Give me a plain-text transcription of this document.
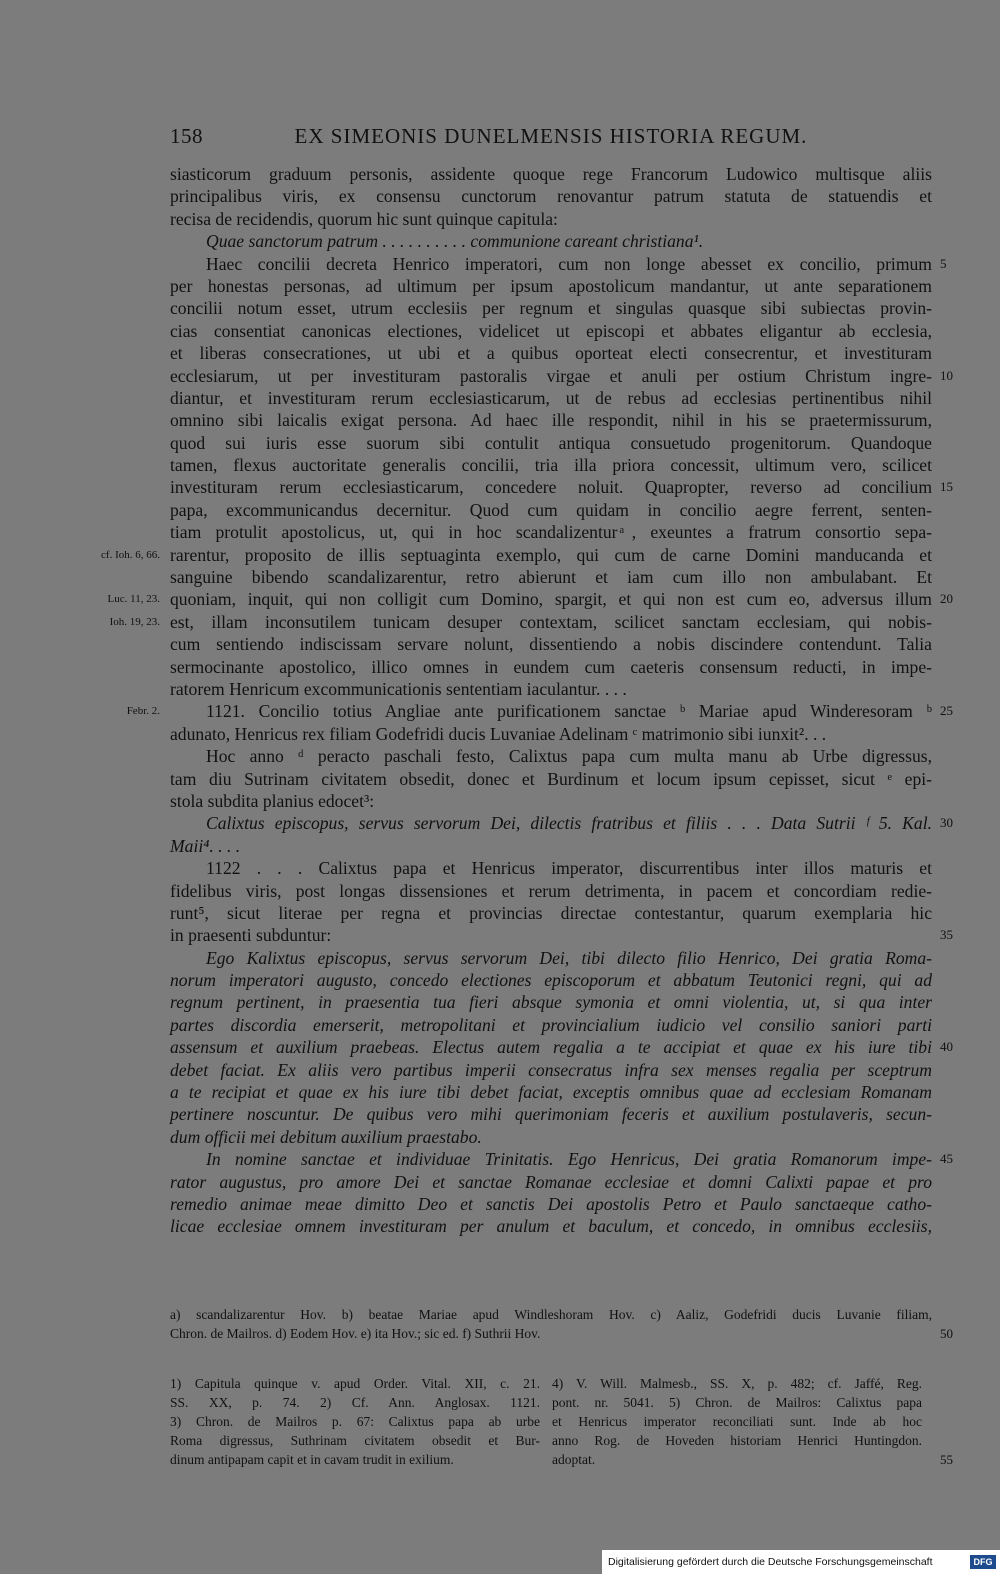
158	EX SIMEONIS DUNELMENSIS HISTORIA REGUM.
siasticorum graduum personis, assidente quoque rege Francorum Ludowico multisque aliis
principalibus viris, ex consensu cunctorum renovantur patrum statuta de statuendis et
recisa de recidendis, quorum hic sunt quinque capitula:
Quae sanctorum patrum . . . . . . . . . . communione careant christiana¹.
Haec concilii decreta Henrico imperatori, cum non longe abesset ex concilio, primum 5
per honestas personas, ad ultimum per ipsum apostolicum mandantur, ut ante separationem
concilii notum esset, utrum ecclesiis per regnum et singulas quasque sibi subiectas provin-
cias consentiat canonicas electiones, videlicet ut episcopi et abbates eligantur ab ecclesia,
et liberas consecrationes, ut ubi et a quibus oporteat electi consecrentur, et investituram
ecclesiarum, ut per investituram pastoralis virgae et anuli per ostium Christum ingre- 10
diantur, et investituram rerum ecclesiasticarum, ut de rebus ad ecclesias pertinentibus nihil
omnino sibi laicalis exigat persona. Ad haec ille respondit, nihil in his se praetermissurum,
quod sui iuris esse suorum sibi contulit antiqua consuetudo progenitorum. Quandoque
tamen, flexus auctoritate generalis concilii, tria illa priora concessit, ultimum vero, scilicet
investituram rerum ecclesiasticarum, concedere noluit. Quapropter, reverso ad concilium 15
papa, excommunicandus decernitur. Quod cum quidam in concilio aegre ferrent, senten-
tiam protulit apostolicus, ut, qui in hoc scandalizentur ͣ, exeuntes a fratrum consortio sepa-
rarentur, proposito de illis septuaginta exemplo, qui cum de carne Domini manducanda et
cf. Ioh. 6, 66.
sanguine bibendo scandalizarentur, retro abierunt et iam cum illo non ambulabant. Et
quoniam, inquit, qui non colligit cum Domino, spargit, et qui non est cum eo, adversus illum 20
Luc. 11, 23.
est, illam inconsutilem tunicam desuper contextam, scilicet sanctam ecclesiam, qui nobis-
Ioh. 19, 23.
cum sentiendo indiscissam servare nolunt, dissentiendo a nobis discindere contendunt. Talia
sermocinante apostolico, illico omnes in eundem cum caeteris consensum reducti, in impe-
ratorem Henricum excommunicationis sententiam iaculantur. . . .
1121. Concilio totius Angliae ante purificationem sanctae ᵇ Mariae apud Winderesoram ᵇ 25
Febr. 2.
adunato, Henricus rex filiam Godefridi ducis Luvaniae Adelinam ᶜ matrimonio sibi iunxit². . .
Hoc anno ᵈ peracto paschali festo, Calixtus papa cum multa manu ab Urbe digressus,
tam diu Sutrinam civitatem obsedit, donec et Burdinum et locum ipsum cepisset, sicut ᵉ epi-
stola subdita planius edocet³:
Calixtus episcopus, servus servorum Dei, dilectis fratribus et filiis . . . Data Sutrii ᶠ 5. Kal. 30
Maii⁴. . . .
1122 . . . Calixtus papa et Henricus imperator, discurrentibus inter illos maturis et
fidelibus viris, post longas dissensiones et rerum detrimenta, in pacem et concordiam redie-
runt⁵, sicut literae per regna et provincias directae contestantur, quarum exemplaria hic
in praesenti subduntur:	35
Ego Kalixtus episcopus, servus servorum Dei, tibi dilecto filio Henrico, Dei gratia Roma-
norum imperatori augusto, concedo electiones episcoporum et abbatum Teutonici regni, qui ad
regnum pertinent, in praesentia tua fieri absque symonia et omni violentia, ut, si qua inter
partes discordia emerserit, metropolitani et provincialium iudicio vel consilio saniori parti
assensum et auxilium praebeas. Electus autem regalia a te accipiat et quae ex his iure tibi 40
debet faciat. Ex aliis vero partibus imperii consecratus infra sex menses regalia per sceptrum
a te recipiat et quae ex his iure tibi debet faciat, exceptis omnibus quae ad ecclesiam Romanam
pertinere noscuntur. De quibus vero mihi querimoniam feceris et auxilium postulaveris, secun-
dum officii mei debitum auxilium praestabo.
In nomine sanctae et individuae Trinitatis. Ego Henricus, Dei gratia Romanorum impe- 45
rator augustus, pro amore Dei et sanctae Romanae ecclesiae et domni Calixti papae et pro
remedio animae meae dimitto Deo et sanctis Dei apostolis Petro et Paulo sanctaeque catho-
licae ecclesiae omnem investituram per anulum et baculum, et concedo, in omnibus ecclesiis,
a) scandalizarentur Hov. b) beatae Mariae apud Windleshoram Hov. c) Aaliz, Godefridi ducis Luvanie filiam,
Chron. de Mailros. d) Eodem Hov. e) ita Hov.; sic ed. f) Suthrii Hov.	50
1) Capitula quinque v. apud Order. Vital. XII, c. 21.
SS. XX, p. 74. 2) Cf. Ann. Anglosax. 1121.
3) Chron. de Mailros p. 67: Calixtus papa ab urbe
Roma digressus, Suthrinam civitatem obsedit et Bur-
dinum antipapam capit et in cavam trudit in exilium.
4) V. Will. Malmesb., SS. X, p. 482; cf. Jaffé, Reg.
pont. nr. 5041. 5) Chron. de Mailros: Calixtus papa
et Henricus imperator reconciliati sunt. Inde ab hoc
anno Rog. de Hoveden historiam Henrici Huntingdon.
adoptat.	55
Digitalisierung gefördert durch die Deutsche Forschungsgemeinschaft	DFG
